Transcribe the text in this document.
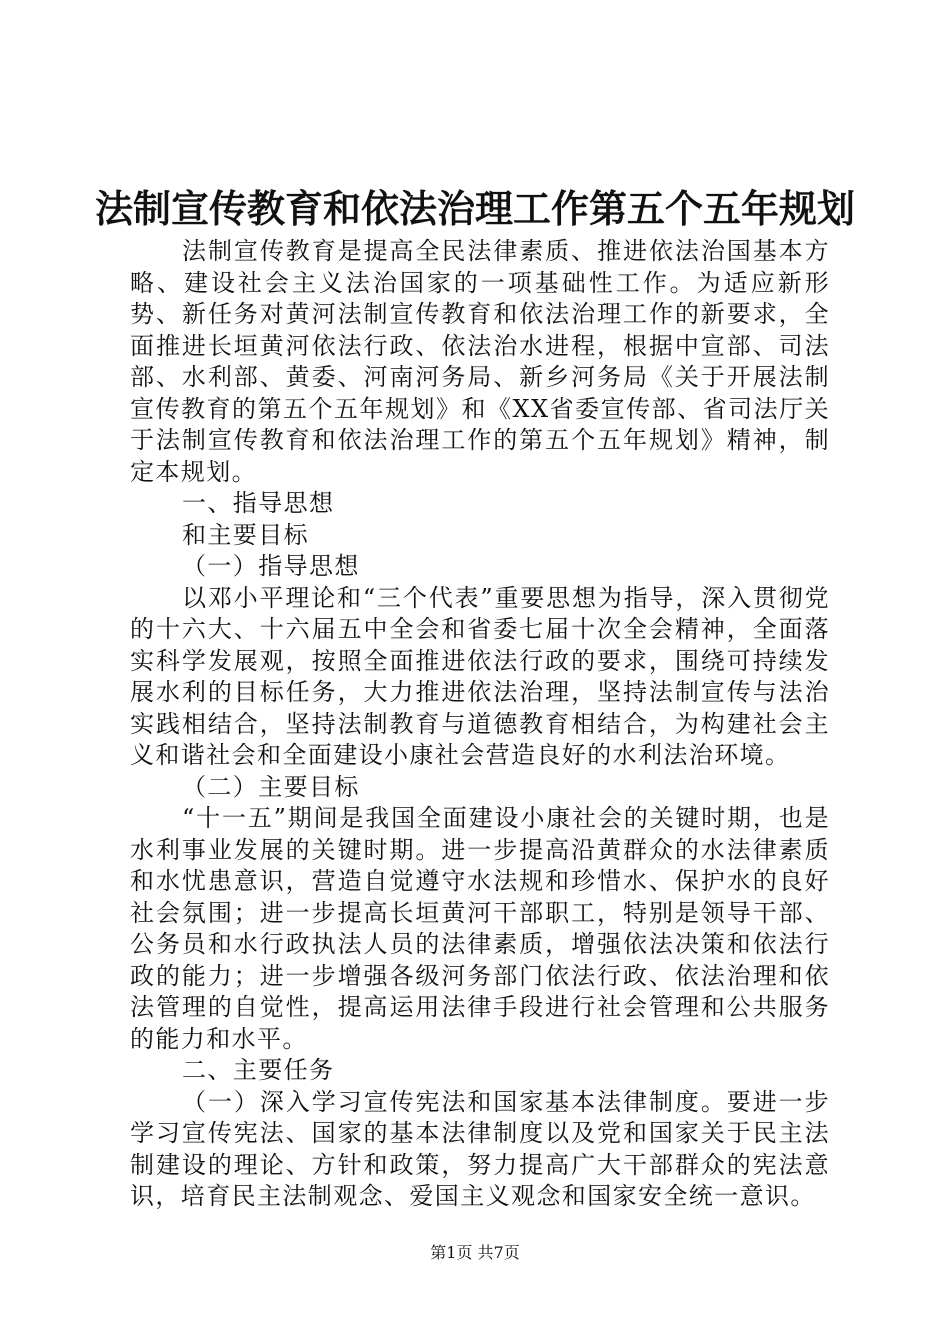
法制宣传教育和依法治理工作第五个五年规划

法制宣传教育是提高全民法律素质、推进依法治国基本方略、建设社会主义法治国家的一项基础性工作。为适应新形势、新任务对黄河法制宣传教育和依法治理工作的新要求，全面推进长垣黄河依法行政、依法治水进程，根据中宣部、司法部、水利部、黄委、河南河务局、新乡河务局《关于开展法制宣传教育的第五个五年规划》和《XX省委宣传部、省司法厅关于法制宣传教育和依法治理工作的第五个五年规划》精神，制定本规划。

一、指导思想

和主要目标

（一）指导思想

以邓小平理论和“三个代表”重要思想为指导，深入贯彻党的十六大、十六届五中全会和省委七届十次全会精神，全面落实科学发展观，按照全面推进依法行政的要求，围绕可持续发展水利的目标任务，大力推进依法治理，坚持法制宣传与法治实践相结合，坚持法制教育与道德教育相结合，为构建社会主义和谐社会和全面建设小康社会营造良好的水利法治环境。

（二）主要目标

“十一五”期间是我国全面建设小康社会的关键时期，也是水利事业发展的关键时期。进一步提高沿黄群众的水法律素质和水忧患意识，营造自觉遵守水法规和珍惜水、保护水的良好社会氛围；进一步提高长垣黄河干部职工，特别是领导干部、公务员和水行政执法人员的法律素质，增强依法决策和依法行政的能力；进一步增强各级河务部门依法行政、依法治理和依法管理的自觉性，提高运用法律手段进行社会管理和公共服务的能力和水平。

二、主要任务

（一）深入学习宣传宪法和国家基本法律制度。要进一步学习宣传宪法、国家的基本法律制度以及党和国家关于民主法制建设的理论、方针和政策，努力提高广大干部群众的宪法意识，培育民主法制观念、爱国主义观念和国家安全统一意识。

第1页 共7页
